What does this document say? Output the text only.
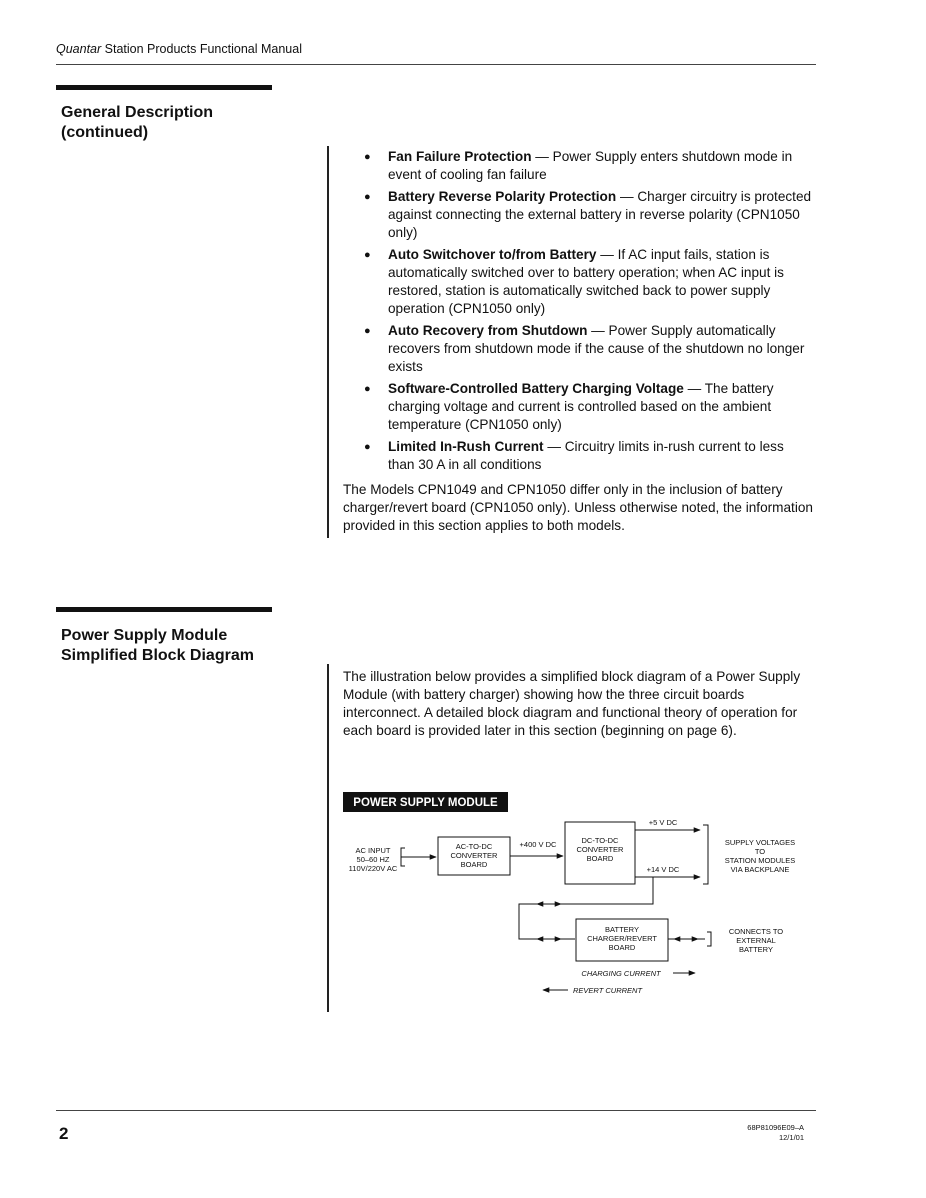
Quantar Station Products Functional Manual
General Description
(continued)
● Fan Failure Protection — Power Supply enters shutdown mode in event of cooling fan failure
● Battery Reverse Polarity Protection — Charger circuitry is protected against connecting the external battery in reverse polarity (CPN1050 only)
● Auto Switchover to/from Battery — If AC input fails, station is automatically switched over to battery operation; when AC input is restored, station is automatically switched back to power supply operation (CPN1050 only)
● Auto Recovery from Shutdown — Power Supply automatically recovers from shutdown mode if the cause of the shutdown no longer exists
● Software-Controlled Battery Charging Voltage — The battery charging voltage and current is controlled based on the ambient temperature (CPN1050 only)
● Limited In-Rush Current — Circuitry limits in-rush current to less than 30 A in all conditions
The Models CPN1049 and CPN1050 differ only in the inclusion of battery charger/revert board (CPN1050 only). Unless otherwise noted, the information provided in this section applies to both models.
Power Supply Module
Simplified Block Diagram
The illustration below provides a simplified block diagram of a Power Supply Module (with battery charger) showing how the three circuit boards interconnect. A detailed block diagram and functional theory of operation for each board is provided later in this section (beginning on page 6).
POWER SUPPLY MODULE
AC INPUT
50–60 HZ
110V/220V AC
AC-TO-DC
CONVERTER
BOARD
+400 V DC	DC-TO-DC
CONVERTER
BOARD
+5 V DC
+14 V DC
SUPPLY VOLTAGES
TO
STATION MODULES
VIA BACKPLANE
BATTERY
CHARGER/REVERT
BOARD
CONNECTS TO
EXTERNAL
BATTERY
CHARGING CURRENT
REVERT CURRENT
2	68P81096E09–A
12/1/01
